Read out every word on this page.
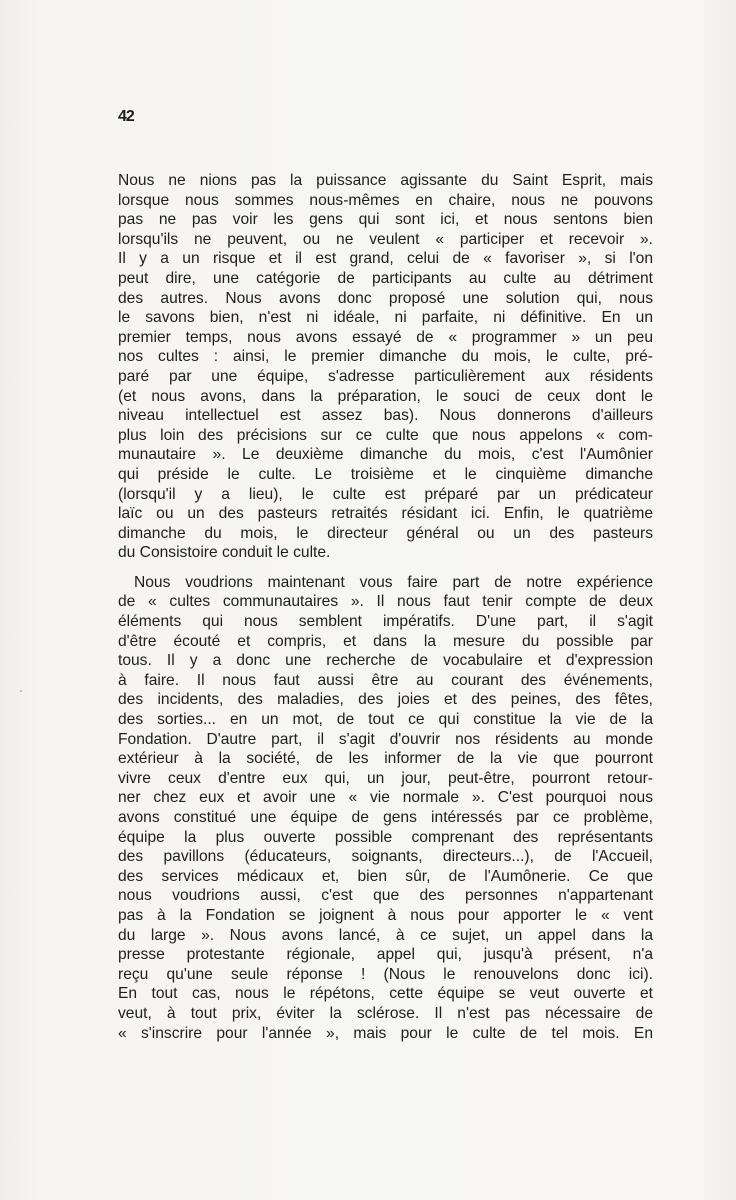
42
Nous ne nions pas la puissance agissante du Saint Esprit, mais
lorsque nous sommes nous-mêmes en chaire, nous ne pouvons
pas ne pas voir les gens qui sont ici, et nous sentons bien
lorsqu'ils ne peuvent, ou ne veulent « participer et recevoir ».
Il y a un risque et il est grand, celui de « favoriser », si l'on
peut dire, une catégorie de participants au culte au détriment
des autres. Nous avons donc proposé une solution qui, nous
le savons bien, n'est ni idéale, ni parfaite, ni définitive. En un
premier temps, nous avons essayé de « programmer » un peu
nos cultes : ainsi, le premier dimanche du mois, le culte, pré-
paré par une équipe, s'adresse particulièrement aux résidents
(et nous avons, dans la préparation, le souci de ceux dont le
niveau intellectuel est assez bas). Nous donnerons d'ailleurs
plus loin des précisions sur ce culte que nous appelons « com-
munautaire ». Le deuxième dimanche du mois, c'est l'Aumônier
qui préside le culte. Le troisième et le cinquième dimanche
(lorsqu'il y a lieu), le culte est préparé par un prédicateur
laïc ou un des pasteurs retraités résidant ici. Enfin, le quatrième
dimanche du mois, le directeur général ou un des pasteurs
du Consistoire conduit le culte.
Nous voudrions maintenant vous faire part de notre expérience
de « cultes communautaires ». Il nous faut tenir compte de deux
éléments qui nous semblent impératifs. D'une part, il s'agit
d'être écouté et compris, et dans la mesure du possible par
tous. Il y a donc une recherche de vocabulaire et d'expression
à faire. Il nous faut aussi être au courant des événements,
des incidents, des maladies, des joies et des peines, des fêtes,
des sorties... en un mot, de tout ce qui constitue la vie de la
Fondation. D'autre part, il s'agit d'ouvrir nos résidents au monde
extérieur à la société, de les informer de la vie que pourront
vivre ceux d'entre eux qui, un jour, peut-être, pourront retour-
ner chez eux et avoir une « vie normale ». C'est pourquoi nous
avons constitué une équipe de gens intéressés par ce problème,
équipe la plus ouverte possible comprenant des représentants
des pavillons (éducateurs, soignants, directeurs...), de l'Accueil,
des services médicaux et, bien sûr, de l'Aumônerie. Ce que
nous voudrions aussi, c'est que des personnes n'appartenant
pas à la Fondation se joignent à nous pour apporter le « vent
du large ». Nous avons lancé, à ce sujet, un appel dans la
presse protestante régionale, appel qui, jusqu'à présent, n'a
reçu qu'une seule réponse ! (Nous le renouvelons donc ici).
En tout cas, nous le répétons, cette équipe se veut ouverte et
veut, à tout prix, éviter la sclérose. Il n'est pas nécessaire de
« s'inscrire pour l'année », mais pour le culte de tel mois. En
